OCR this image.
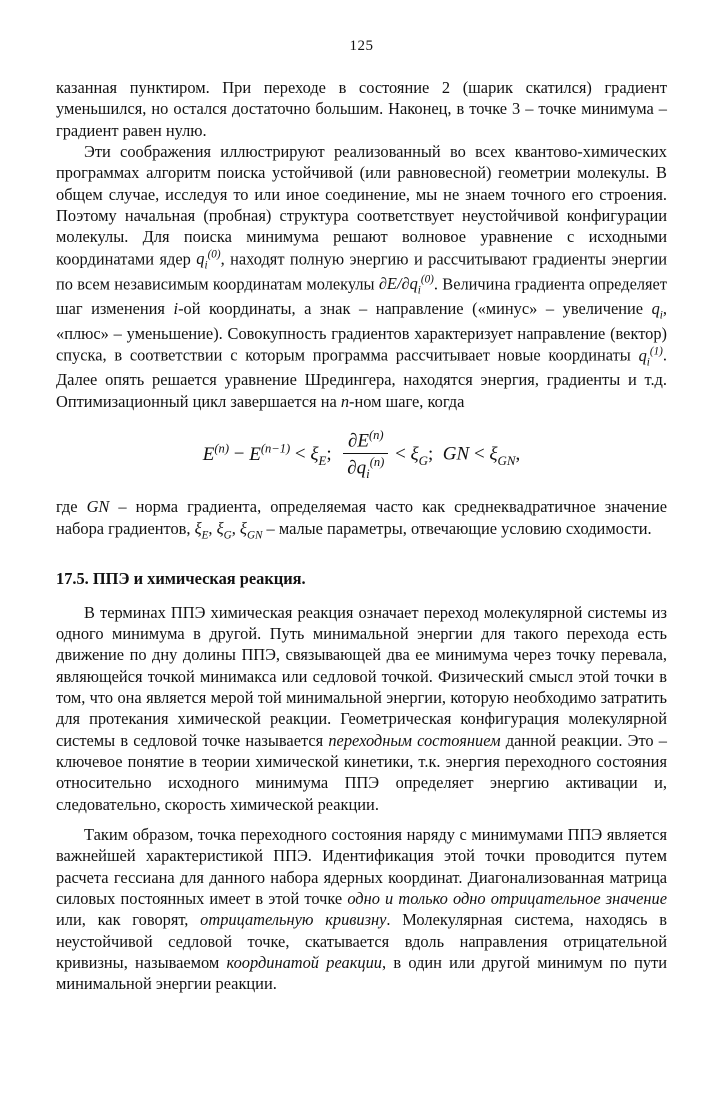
125

казанная пунктиром. При переходе в состояние 2 (шарик скатился) градиент уменьшился, но остался достаточно большим. Наконец, в точке 3 – точке минимума – градиент равен нулю.

Эти соображения иллюстрируют реализованный во всех квантово-химических программах алгоритм поиска устойчивой (или равновесной) геометрии молекулы. В общем случае, исследуя то или иное соединение, мы не знаем точного его строения. Поэтому начальная (пробная) структура соответствует неустойчивой конфигурации молекулы. Для поиска минимума решают волновое уравнение с исходными координатами ядер $q_i^{(0)}$, находят полную энергию и рассчитывают градиенты энергии по всем независимым координатам молекулы $\partial E/\partial q_i^{(0)}$. Величина градиента определяет шаг изменения i-ой координаты, а знак – направление («минус» – увеличение $q_i$, «плюс» – уменьшение). Совокупность градиентов характеризует направление (вектор) спуска, в соответствии с которым программа рассчитывает новые координаты $q_i^{(1)}$. Далее опять решается уравнение Шредингера, находятся энергия, градиенты и т.д. Оптимизационный цикл завершается на n-ном шаге, когда

$E^{(n)} - E^{(n-1)} < \xi_E$; $\frac{\partial E^{(n)}}{\partial q_i^{(n)}} < \xi_G$; GN < $\xi_{GN}$,

где GN – норма градиента, определяемая часто как среднеквадратичное значение набора градиентов, $\xi_E$, $\xi_G$, $\xi_{GN}$ – малые параметры, отвечающие условию сходимости.

17.5. ППЭ и химическая реакция.

В терминах ППЭ химическая реакция означает переход молекулярной системы из одного минимума в другой. Путь минимальной энергии для такого перехода есть движение по дну долины ППЭ, связывающей два ее минимума через точку перевала, являющейся точкой минимакса или седловой точкой. Физический смысл этой точки в том, что она является мерой той минимальной энергии, которую необходимо затратить для протекания химической реакции. Геометрическая конфигурация молекулярной системы в седловой точке называется переходным состоянием данной реакции. Это – ключевое понятие в теории химической кинетики, т.к. энергия переходного состояния относительно исходного минимума ППЭ определяет энергию активации и, следовательно, скорость химической реакции.

Таким образом, точка переходного состояния наряду с минимумами ППЭ является важнейшей характеристикой ППЭ. Идентификация этой точки проводится путем расчета гессиана для данного набора ядерных координат. Диагонализованная матрица силовых постоянных имеет в этой точке одно и только одно отрицательное значение или, как говорят, отрицательную кривизну. Молекулярная система, находясь в неустойчивой седловой точке, скатывается вдоль направления отрицательной кривизны, называемом координатой реакции, в один или другой минимум по пути минимальной энергии реакции.
